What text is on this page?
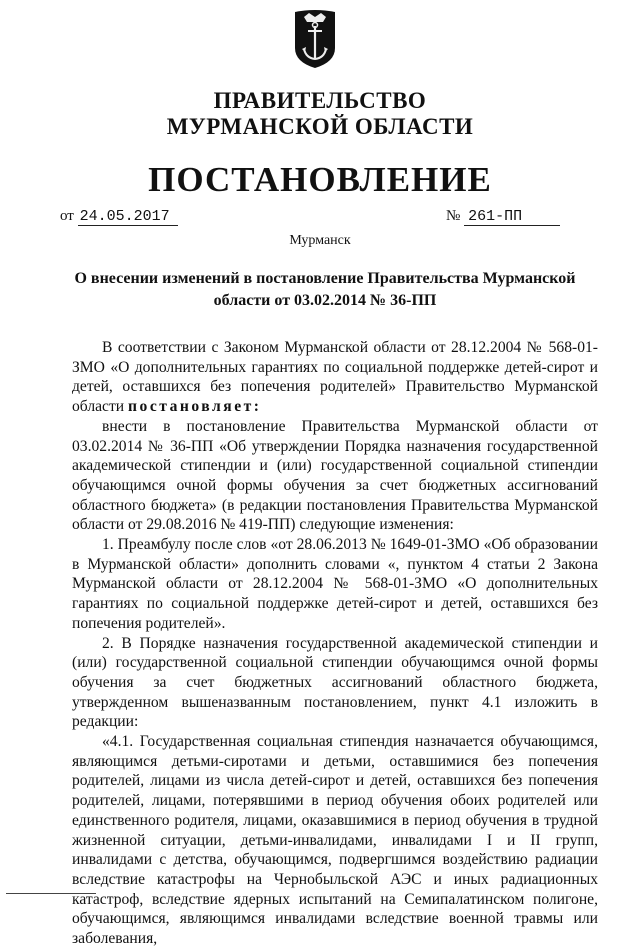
ПРАВИТЕЛЬСТВО
МУРМАНСКОЙ ОБЛАСТИ
ПОСТАНОВЛЕНИЕ
от 24.05.2017	№ 261-ПП
Мурманск
О внесении изменений в постановление Правительства Мурманской области от 03.02.2014 № 36-ПП

В соответствии с Законом Мурманской области от 28.12.2004 № 568-01-ЗМО «О дополнительных гарантиях по социальной поддержке детей-сирот и детей, оставшихся без попечения родителей» Правительство Мурманской области постановляет:

внести в постановление Правительства Мурманской области от 03.02.2014 № 36-ПП «Об утверждении Порядка назначения государственной академической стипендии и (или) государственной социальной стипендии обучающимся очной формы обучения за счет бюджетных ассигнований областного бюджета» (в редакции постановления Правительства Мурманской области от 29.08.2016 № 419-ПП) следующие изменения:

1. Преамбулу после слов «от 28.06.2013 № 1649-01-ЗМО «Об образовании в Мурманской области» дополнить словами «, пунктом 4 статьи 2 Закона Мурманской области от 28.12.2004 № 568-01-ЗМО «О дополнительных гарантиях по социальной поддержке детей-сирот и детей, оставшихся без попечения родителей».

2. В Порядке назначения государственной академической стипендии и (или) государственной социальной стипендии обучающимся очной формы обучения за счет бюджетных ассигнований областного бюджета, утвержденном вышеназванным постановлением, пункт 4.1 изложить в редакции:

«4.1. Государственная социальная стипендия назначается обучающимся, являющимся детьми-сиротами и детьми, оставшимися без попечения родителей, лицами из числа детей-сирот и детей, оставшихся без попечения родителей, лицами, потерявшими в период обучения обоих родителей или единственного родителя, лицами, оказавшимися в период обучения в трудной жизненной ситуации, детьми-инвалидами, инвалидами I и II групп, инвалидами с детства, обучающимся, подвергшимся воздействию радиации вследствие катастрофы на Чернобыльской АЭС и иных радиационных катастроф, вследствие ядерных испытаний на Семипалатинском полигоне, обучающимся, являющимся инвалидами вследствие военной травмы или заболевания,
